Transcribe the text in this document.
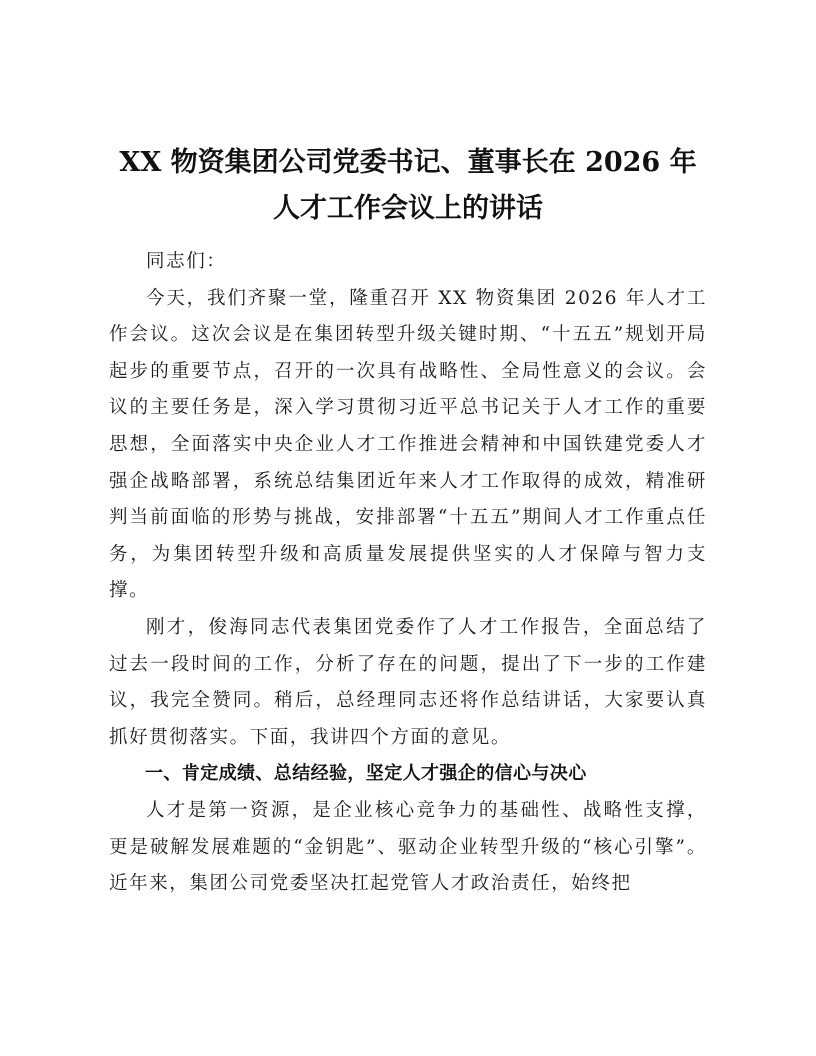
XX 物资集团公司党委书记、董事长在 2026 年
人才工作会议上的讲话

同志们：

今天，我们齐聚一堂，隆重召开 XX 物资集团 2026 年人才工作会议。这次会议是在集团转型升级关键时期、“十五五”规划开局起步的重要节点，召开的一次具有战略性、全局性意义的会议。会议的主要任务是，深入学习贯彻习近平总书记关于人才工作的重要思想，全面落实中央企业人才工作推进会精神和中国铁建党委人才强企战略部署，系统总结集团近年来人才工作取得的成效，精准研判当前面临的形势与挑战，安排部署“十五五”期间人才工作重点任务，为集团转型升级和高质量发展提供坚实的人才保障与智力支撑。

刚才，俊海同志代表集团党委作了人才工作报告，全面总结了过去一段时间的工作，分析了存在的问题，提出了下一步的工作建议，我完全赞同。稍后，总经理同志还将作总结讲话，大家要认真抓好贯彻落实。下面，我讲四个方面的意见。

一、肯定成绩、总结经验，坚定人才强企的信心与决心

人才是第一资源，是企业核心竞争力的基础性、战略性支撑，更是破解发展难题的“金钥匙”、驱动企业转型升级的“核心引擎”。近年来，集团公司党委坚决扛起党管人才政治责任，始终把
